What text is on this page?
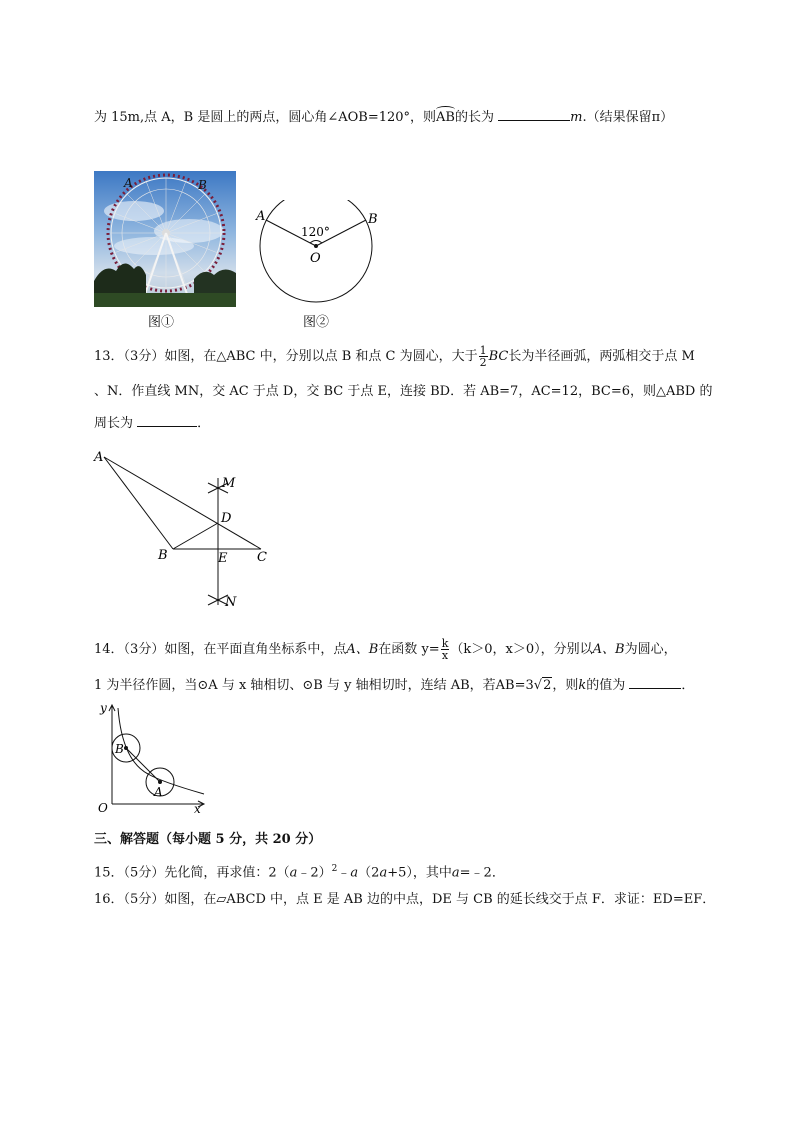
为 15m,点 A，B 是圆上的两点，圆心角∠AOB=120°，则AB的长为	m.（结果保留π）
A	B
图①
A	B
O
120°
图②
13．（3分）如图，在△ABC 中，分别以点 B 和点 C 为圆心，大于 $\frac{1}{2}$ BC长为半径画弧，两弧相交于点 M
、N．作直线 MN，交 AC 于点 D，交 BC 于点 E，连接 BD．若 AB=7，AC=12，BC=6，则△ABD 的
周长为	．
A
B	C
D
E
M
N
14．（3分）如图，在平面直角坐标系中，点A、B在函数 $y= \frac{k}{x} (k>0$，x＞0），分别以A、B为圆心，
1 为半径作圆，当⊙A 与 x 轴相切、⊙B 与 y 轴相切时，连结 AB，若AB=3√2，则k的值为	．
y
x
O
B
A
三、解答题（每小题 5 分，共 20 分）
15．（5分）先化简，再求值：2（a﹣2）$^2$﹣a（2a+5），其中a=﹣2．
16．（5分）如图，在▱ABCD 中，点 E 是 AB 边的中点，DE 与 CB 的延长线交于点 F．求证：ED=EF．
